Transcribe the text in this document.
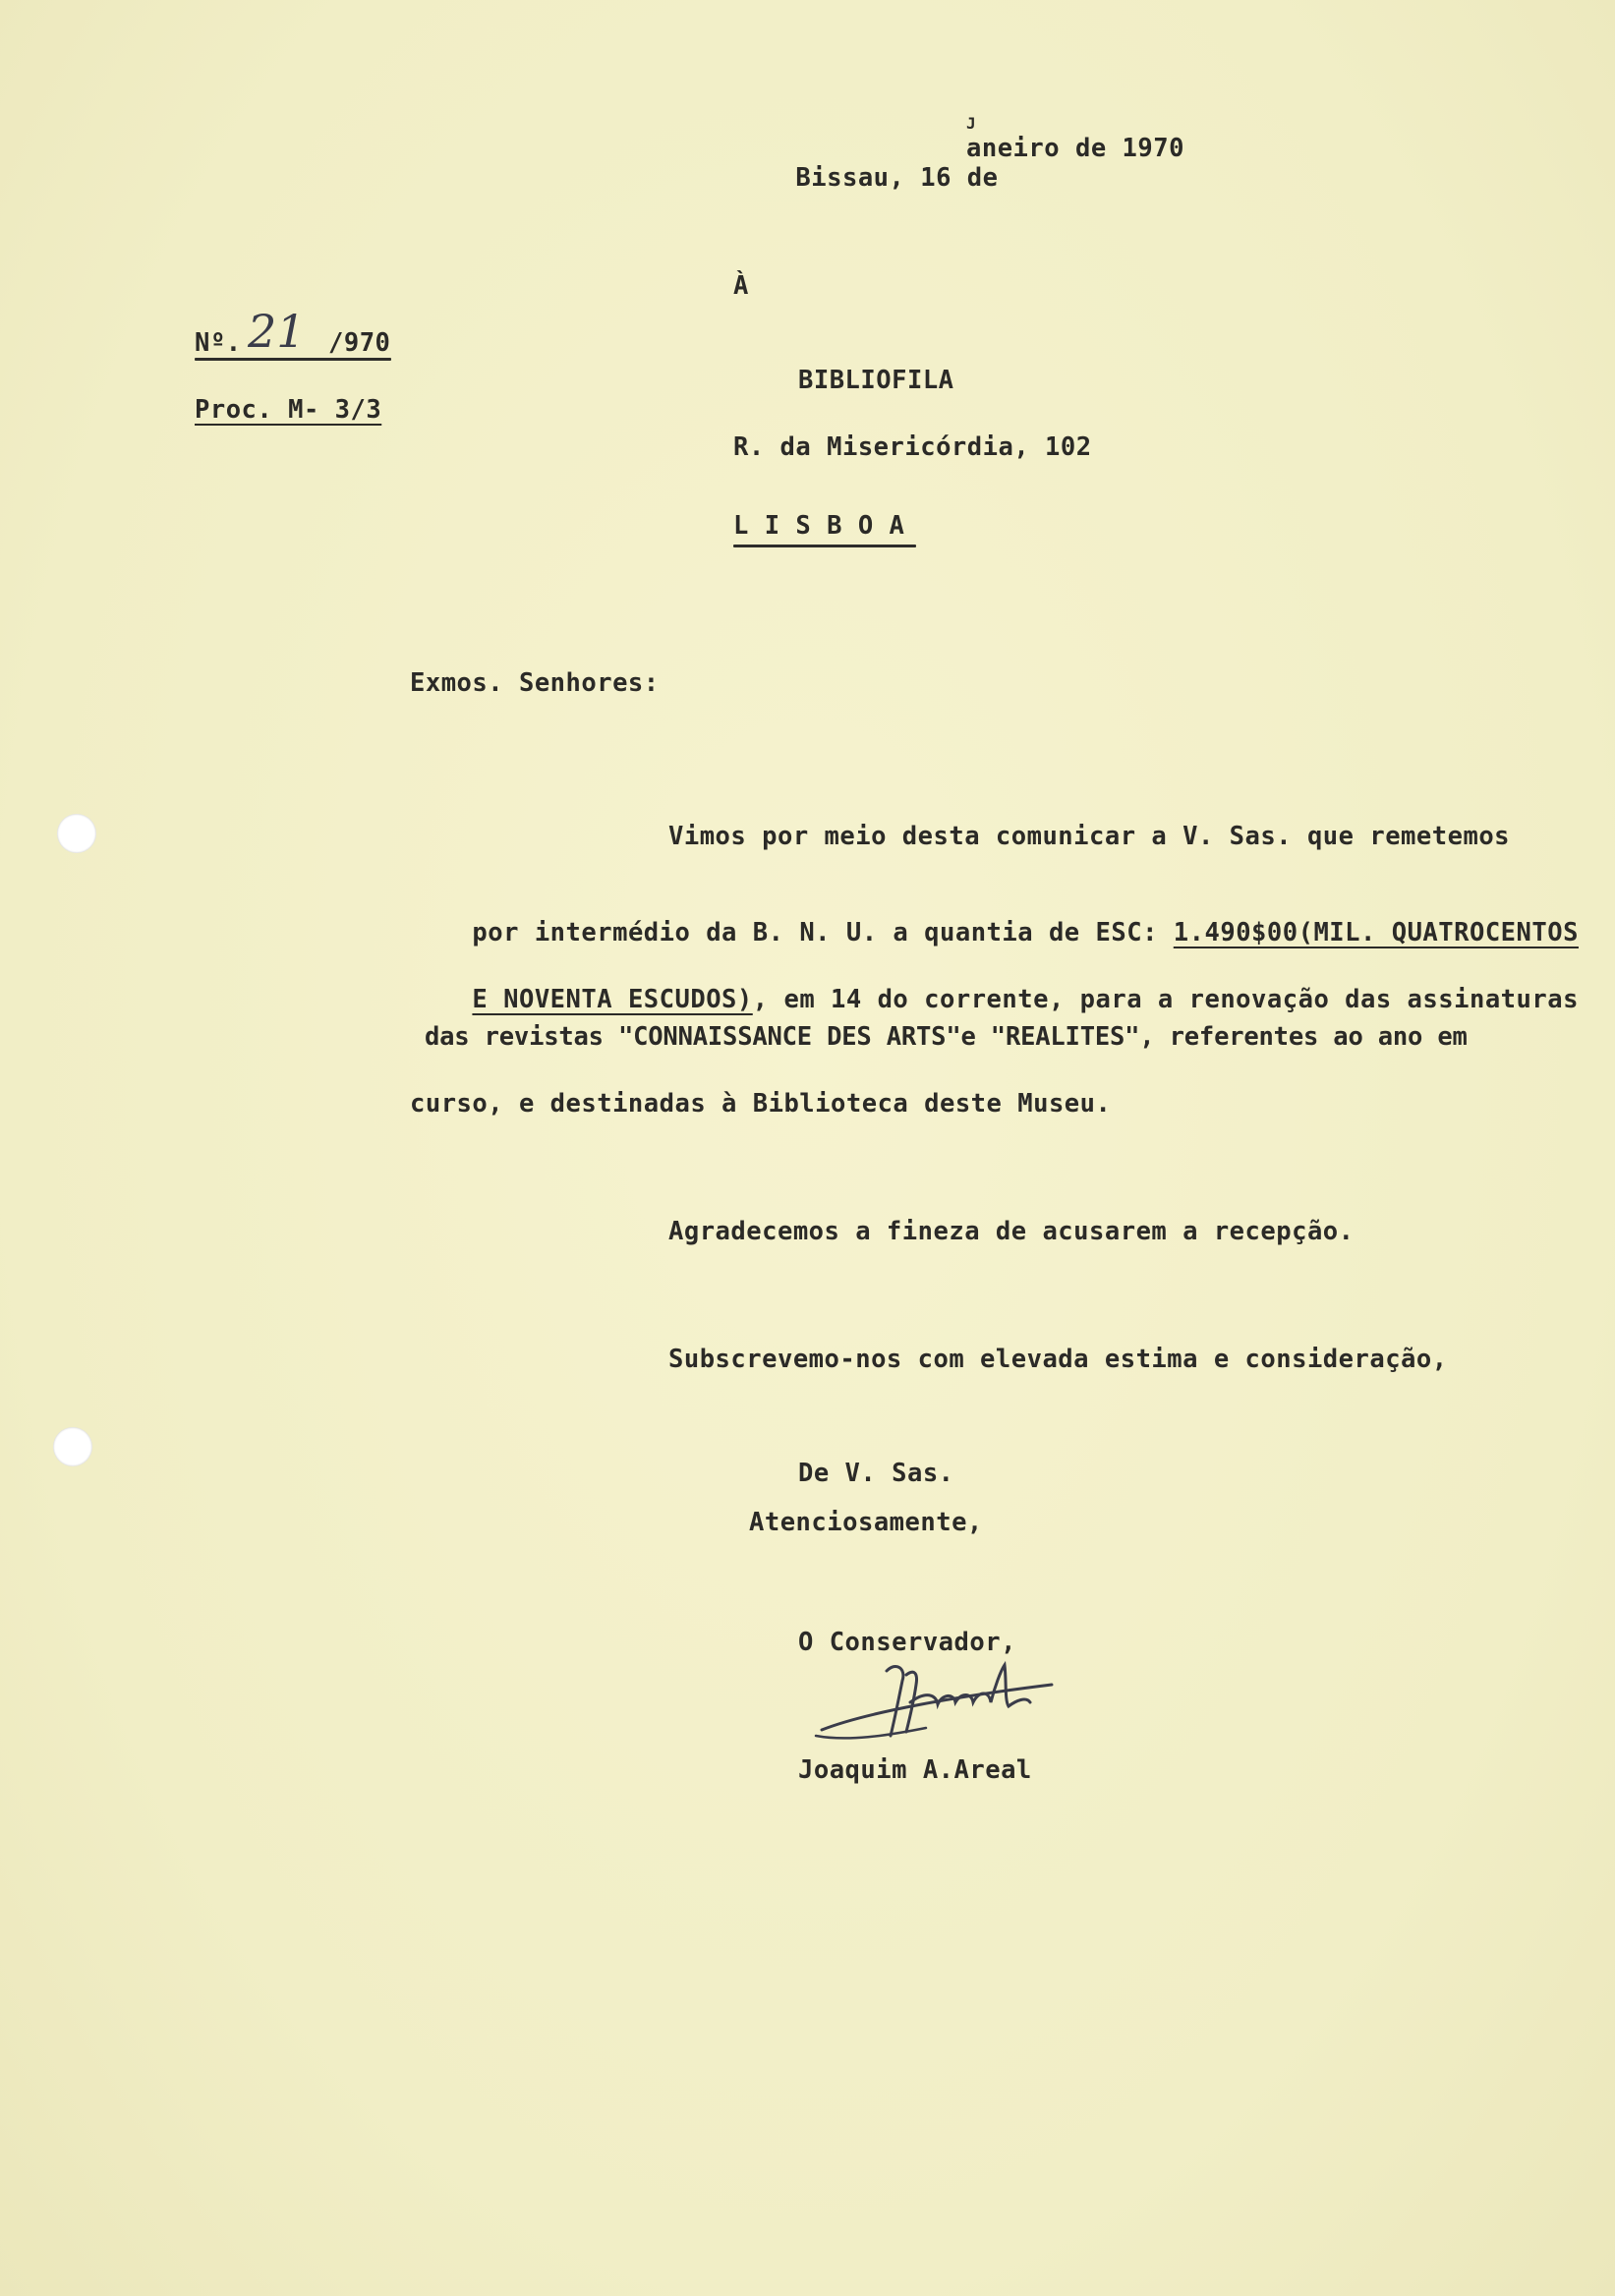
Bissau, 16 de

J
aneiro de 1970
À
Nº. 21 /970
Proc. M- 3/3
BIBLIOFILA
R. da Misericórdia, 102
L I S B O A
Exmos. Senhores:
Vimos por meio desta comunicar a V. Sas. que remetemos

por intermédio da B. N. U. a quantia de ESC: 1.490$00(MIL. QUATROCENTOS

E NOVENTA ESCUDOS), em 14 do corrente, para a renovação das assinaturas

das revistas "CONNAISSANCE DES ARTS"e "REALITES", referentes ao ano em
curso, e destinadas à Biblioteca deste Museu.
Agradecemos a fineza de acusarem a recepção.
Subscrevemo-nos com elevada estima e consideração,
De V. Sas.
Atenciosamente,
O Conservador,
Joaquim A.Areal
